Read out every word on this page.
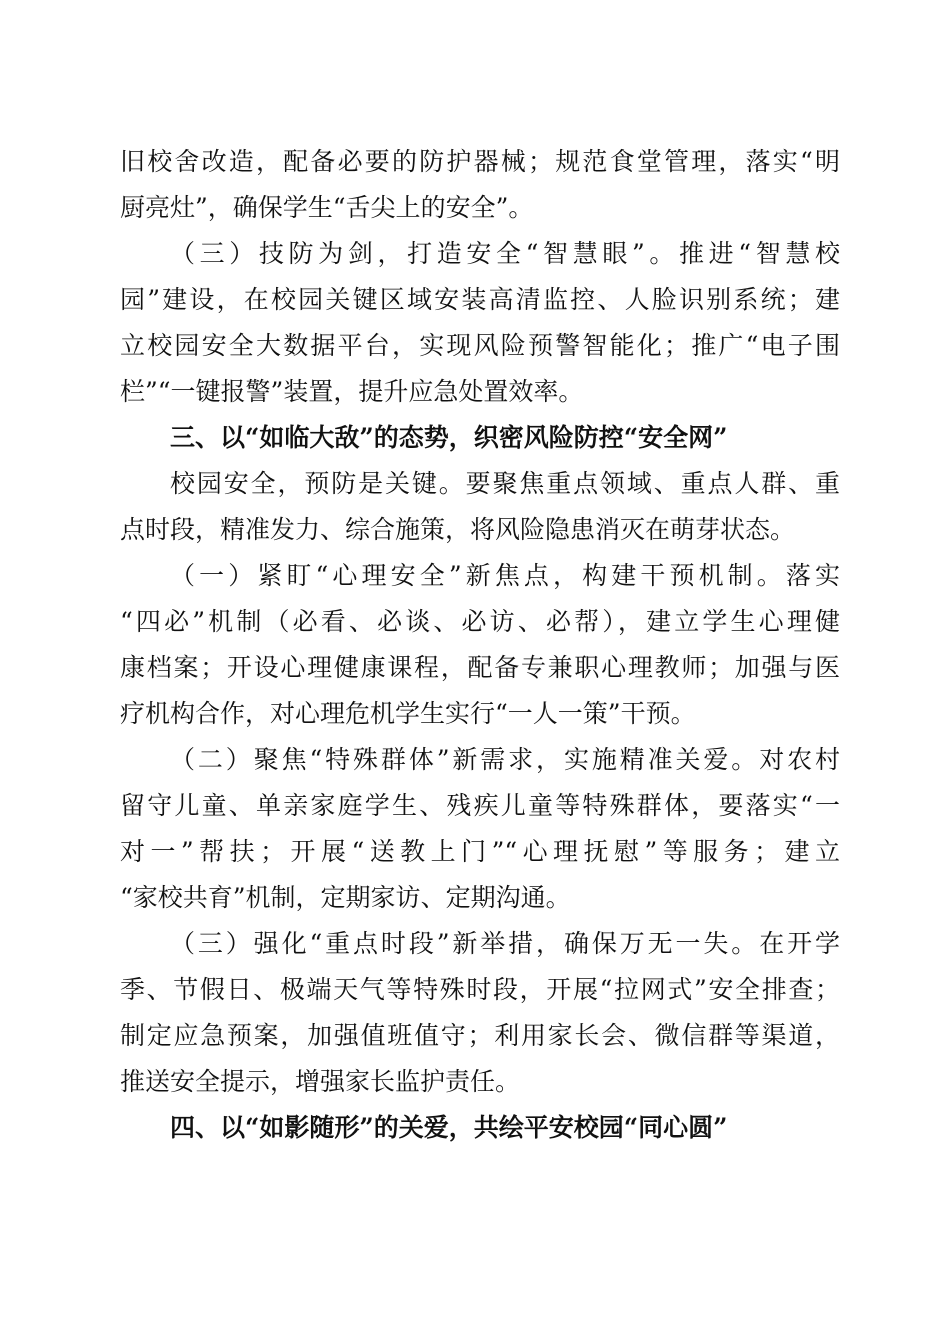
旧校舍改造，配备必要的防护器械；规范食堂管理，落实“明
厨亮灶”，确保学生“舌尖上的安全”。
（三）技防为剑，打造安全“智慧眼”。推进“智慧校
园”建设，在校园关键区域安装高清监控、人脸识别系统；建
立校园安全大数据平台，实现风险预警智能化；推广“电子围
栏”“一键报警”装置，提升应急处置效率。
三、以“如临大敌”的态势，织密风险防控“安全网”
校园安全，预防是关键。要聚焦重点领域、重点人群、重
点时段，精准发力、综合施策，将风险隐患消灭在萌芽状态。
（一）紧盯“心理安全”新焦点，构建干预机制。落实
“四必”机制（必看、必谈、必访、必帮），建立学生心理健
康档案；开设心理健康课程，配备专兼职心理教师；加强与医
疗机构合作，对心理危机学生实行“一人一策”干预。
（二）聚焦“特殊群体”新需求，实施精准关爱。对农村
留守儿童、单亲家庭学生、残疾儿童等特殊群体，要落实“一
对一”帮扶；开展“送教上门”“心理抚慰”等服务；建立
“家校共育”机制，定期家访、定期沟通。
（三）强化“重点时段”新举措，确保万无一失。在开学
季、节假日、极端天气等特殊时段，开展“拉网式”安全排查；
制定应急预案，加强值班值守；利用家长会、微信群等渠道，
推送安全提示，增强家长监护责任。
四、以“如影随形”的关爱，共绘平安校园“同心圆”
